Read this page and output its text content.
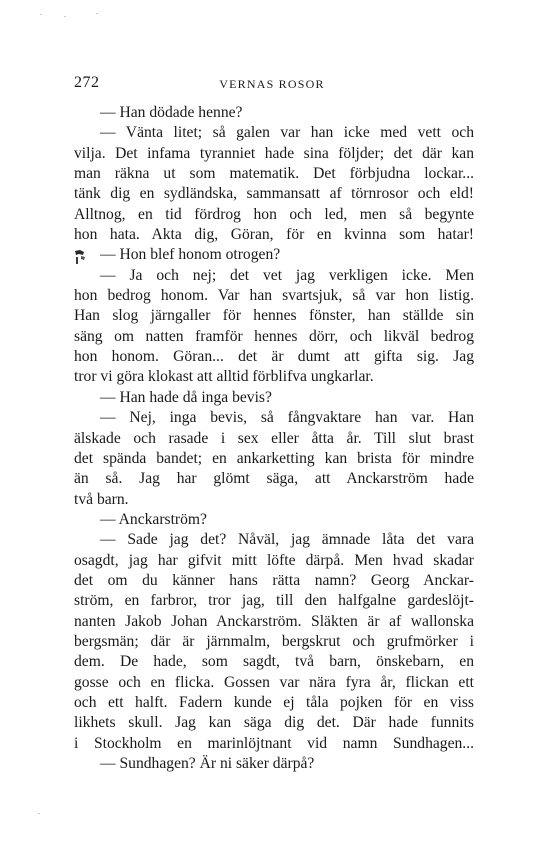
272	VERNAS ROSOR
— Han dödade henne?
— Vänta litet; så galen var han icke med vett och
vilja. Det infama tyranniet hade sina följder; det där kan
man räkna ut som matematik. Det förbjudna lockar...
tänk dig en sydländska, sammansatt af törnrosor och eld!
Alltnog, en tid fördrog hon och led, men så begynte
hon hata. Akta dig, Göran, för en kvinna som hatar!
— Hon blef honom otrogen?
— Ja och nej; det vet jag verkligen icke. Men
hon bedrog honom. Var han svartsjuk, så var hon listig.
Han slog järngaller för hennes fönster, han ställde sin
säng om natten framför hennes dörr, och likväl bedrog
hon honom. Göran... det är dumt att gifta sig. Jag
tror vi göra klokast att alltid förblifva ungkarlar.
— Han hade då inga bevis?
— Nej, inga bevis, så fångvaktare han var. Han
älskade och rasade i sex eller åtta år. Till slut brast
det spända bandet; en ankarketting kan brista för mindre
än så. Jag har glömt säga, att Anckarström hade
två barn.
— Anckarström?
— Sade jag det? Nåväl, jag ämnade låta det vara
osagdt, jag har gifvit mitt löfte därpå. Men hvad skadar
det om du känner hans rätta namn? Georg Anckar-
ström, en farbror, tror jag, till den halfgalne gardeslöjt-
nanten Jakob Johan Anckarström. Släkten är af wallonska
bergsmän; där är järnmalm, bergskrut och grufmörker i
dem. De hade, som sagdt, två barn, önskebarn, en
gosse och en flicka. Gossen var nära fyra år, flickan ett
och ett halft. Fadern kunde ej tåla pojken för en viss
likhets skull. Jag kan säga dig det. Där hade funnits
i Stockholm en marinlöjtnant vid namn Sundhagen...
— Sundhagen? Är ni säker därpå?
